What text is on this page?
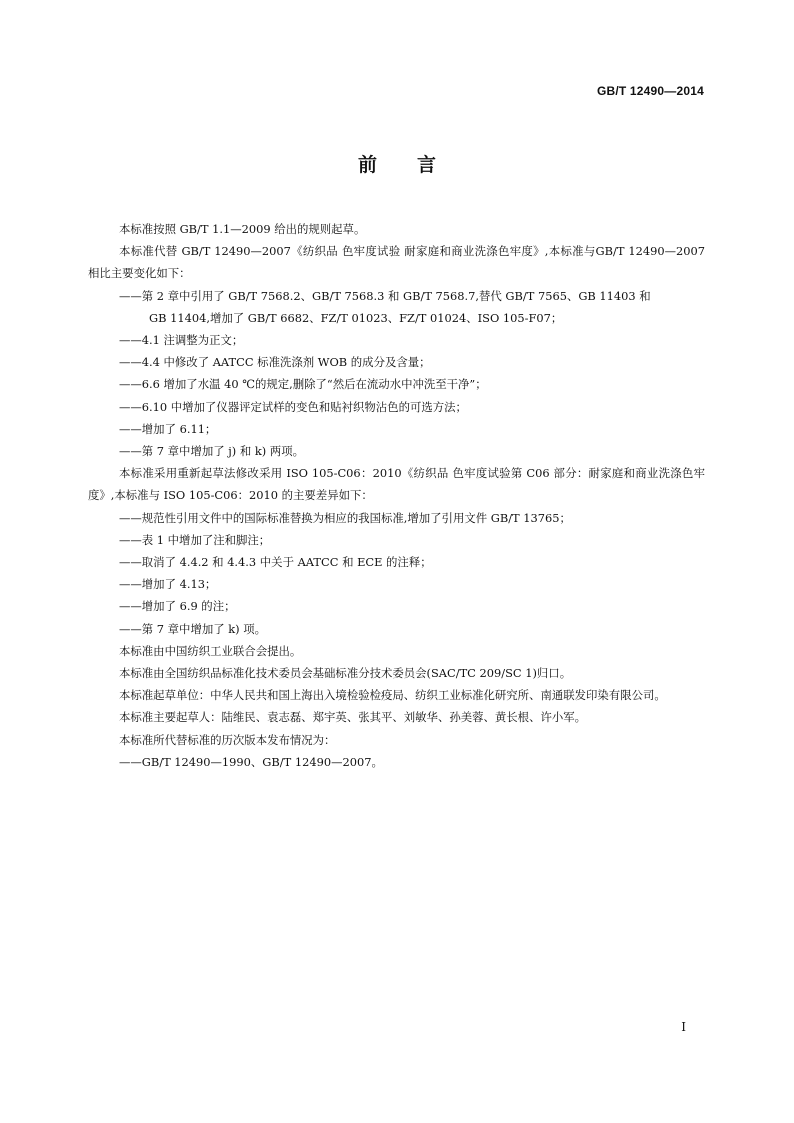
GB/T 12490—2014
前言

本标准按照 GB/T 1.1—2009 给出的规则起草。

本标准代替 GB/T 12490—2007《纺织品 色牢度试验 耐家庭和商业洗涤色牢度》,本标准与GB/T 12490—2007 相比主要变化如下：

——第 2 章中引用了 GB/T 7568.2、GB/T 7568.3 和 GB/T 7568.7,替代 GB/T 7565、GB 11403 和

GB 11404,增加了 GB/T 6682、FZ/T 01023、FZ/T 01024、ISO 105-F07；

——4.1 注调整为正文；

——4.4 中修改了 AATCC 标准洗涤剂 WOB 的成分及含量；

——6.6 增加了水温 40 ℃的规定,删除了“然后在流动水中冲洗至干净”；

——6.10 中增加了仪器评定试样的变色和贴衬织物沾色的可选方法；

——增加了 6.11；

——第 7 章中增加了 j) 和 k) 两项。

本标准采用重新起草法修改采用 ISO 105-C06：2010《纺织品 色牢度试验第 C06 部分：耐家庭和商业洗涤色牢度》,本标准与 ISO 105-C06：2010 的主要差异如下：

——规范性引用文件中的国际标准替换为相应的我国标准,增加了引用文件 GB/T 13765；

——表 1 中增加了注和脚注；

——取消了 4.4.2 和 4.4.3 中关于 AATCC 和 ECE 的注释；

——增加了 4.13；

——增加了 6.9 的注；

——第 7 章中增加了 k) 项。

本标准由中国纺织工业联合会提出。

本标准由全国纺织品标准化技术委员会基础标准分技术委员会(SAC/TC 209/SC 1)归口。

本标准起草单位：中华人民共和国上海出入境检验检疫局、纺织工业标准化研究所、南通联发印染有限公司。

本标准主要起草人：陆维民、袁志磊、郑宇英、张其平、刘敏华、孙美蓉、黄长根、许小军。

本标准所代替标准的历次版本发布情况为：

——GB/T 12490—1990、GB/T 12490—2007。

I
